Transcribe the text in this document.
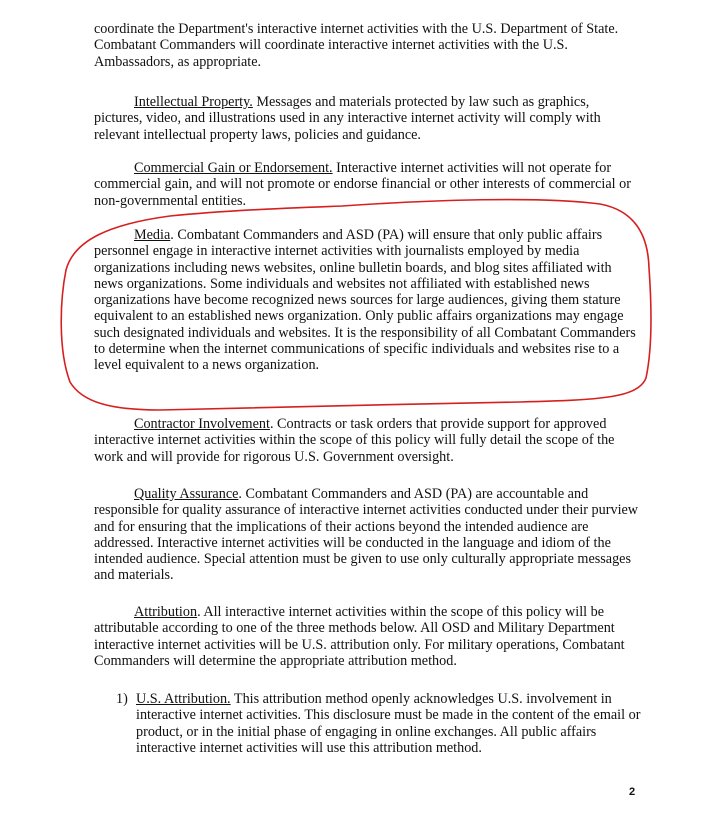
coordinate the Department's interactive internet activities with the U.S. Department of State. Combatant Commanders will coordinate interactive internet activities with the U.S. Ambassadors, as appropriate.

Intellectual Property. Messages and materials protected by law such as graphics, pictures, video, and illustrations used in any interactive internet activity will comply with relevant intellectual property laws, policies and guidance.

Commercial Gain or Endorsement. Interactive internet activities will not operate for commercial gain, and will not promote or endorse financial or other interests of commercial or non-governmental entities.

Media. Combatant Commanders and ASD (PA) will ensure that only public affairs personnel engage in interactive internet activities with journalists employed by media organizations including news websites, online bulletin boards, and blog sites affiliated with news organizations. Some individuals and websites not affiliated with established news organizations have become recognized news sources for large audiences, giving them stature equivalent to an established news organization. Only public affairs organizations may engage such designated individuals and websites. It is the responsibility of all Combatant Commanders to determine when the internet communications of specific individuals and websites rise to a level equivalent to a news organization.

Contractor Involvement. Contracts or task orders that provide support for approved interactive internet activities within the scope of this policy will fully detail the scope of the work and will provide for rigorous U.S. Government oversight.

Quality Assurance. Combatant Commanders and ASD (PA) are accountable and responsible for quality assurance of interactive internet activities conducted under their purview and for ensuring that the implications of their actions beyond the intended audience are addressed. Interactive internet activities will be conducted in the language and idiom of the intended audience. Special attention must be given to use only culturally appropriate messages and materials.

Attribution. All interactive internet activities within the scope of this policy will be attributable according to one of the three methods below. All OSD and Military Department interactive internet activities will be U.S. attribution only. For military operations, Combatant Commanders will determine the appropriate attribution method.

1) U.S. Attribution. This attribution method openly acknowledges U.S. involvement in interactive internet activities. This disclosure must be made in the content of the email or product, or in the initial phase of engaging in online exchanges. All public affairs interactive internet activities will use this attribution method.
2
